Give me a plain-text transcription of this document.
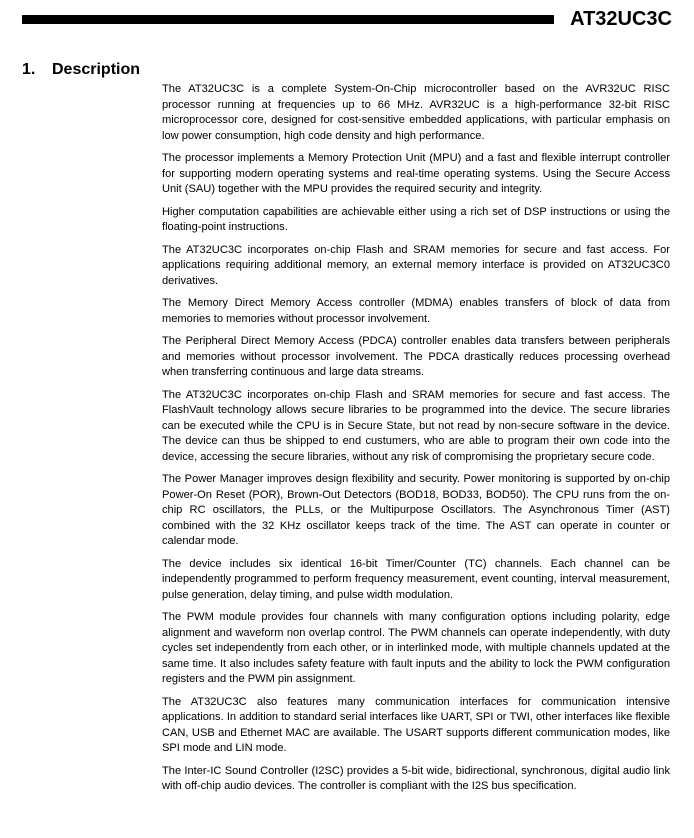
AT32UC3C
1. Description

The AT32UC3C is a complete System-On-Chip microcontroller based on the AVR32UC RISC processor running at frequencies up to 66 MHz. AVR32UC is a high-performance 32-bit RISC microprocessor core, designed for cost-sensitive embedded applications, with particular emphasis on low power consumption, high code density and high performance.

The processor implements a Memory Protection Unit (MPU) and a fast and flexible interrupt controller for supporting modern operating systems and real-time operating systems. Using the Secure Access Unit (SAU) together with the MPU provides the required security and integrity.

Higher computation capabilities are achievable either using a rich set of DSP instructions or using the floating-point instructions.

The AT32UC3C incorporates on-chip Flash and SRAM memories for secure and fast access. For applications requiring additional memory, an external memory interface is provided on AT32UC3C0 derivatives.

The Memory Direct Memory Access controller (MDMA) enables transfers of block of data from memories to memories without processor involvement.

The Peripheral Direct Memory Access (PDCA) controller enables data transfers between peripherals and memories without processor involvement. The PDCA drastically reduces processing overhead when transferring continuous and large data streams.

The AT32UC3C incorporates on-chip Flash and SRAM memories for secure and fast access. The FlashVault technology allows secure libraries to be programmed into the device. The secure libraries can be executed while the CPU is in Secure State, but not read by non-secure software in the device. The device can thus be shipped to end custumers, who are able to program their own code into the device, accessing the secure libraries, without any risk of compromising the proprietary secure code.

The Power Manager improves design flexibility and security. Power monitoring is supported by on-chip Power-On Reset (POR), Brown-Out Detectors (BOD18, BOD33, BOD50). The CPU runs from the on-chip RC oscillators, the PLLs, or the Multipurpose Oscillators. The Asynchronous Timer (AST) combined with the 32 KHz oscillator keeps track of the time. The AST can operate in counter or calendar mode.

The device includes six identical 16-bit Timer/Counter (TC) channels. Each channel can be independently programmed to perform frequency measurement, event counting, interval measurement, pulse generation, delay timing, and pulse width modulation.

The PWM module provides four channels with many configuration options including polarity, edge alignment and waveform non overlap control. The PWM channels can operate independently, with duty cycles set independently from each other, or in interlinked mode, with multiple channels updated at the same time. It also includes safety feature with fault inputs and the ability to lock the PWM configuration registers and the PWM pin assignment.

The AT32UC3C also features many communication interfaces for communication intensive applications. In addition to standard serial interfaces like UART, SPI or TWI, other interfaces like flexible CAN, USB and Ethernet MAC are available. The USART supports different communication modes, like SPI mode and LIN mode.

The Inter-IC Sound Controller (I2SC) provides a 5-bit wide, bidirectional, synchronous, digital audio link with off-chip audio devices. The controller is compliant with the I2S bus specification.
